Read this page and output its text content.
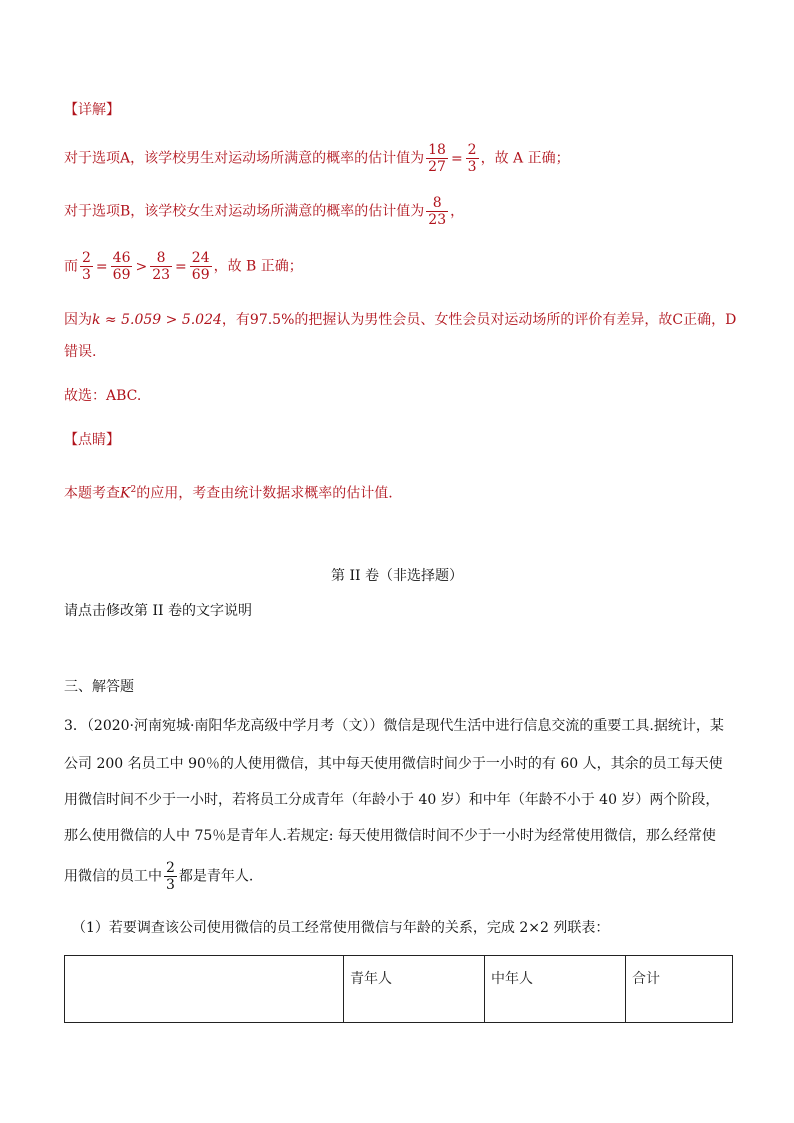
【详解】
对于选项A，该学校男生对运动场所满意的概率的估计值为 $\frac{18}{27} = \frac{2}{3}$ ，故 A 正确；
对于选项B，该学校女生对运动场所满意的概率的估计值为 $\frac{8}{23}$ ，
而 $\frac{2}{3} = \frac{46}{69} > \frac{8}{23} = \frac{24}{69}$ ，故 B 正确；
因为k ≈ 5.059 > 5.024，有97.5%的把握认为男性会员、女性会员对运动场所的评价有差异，故C正确，D
错误.
故选：ABC.
【点睛】
本题考查$K^2$的应用，考查由统计数据求概率的估计值.
第 II 卷（非选择题）
请点击修改第 II 卷的文字说明
三、解答题
3．（2020·河南宛城·南阳华龙高级中学月考（文））微信是现代生活中进行信息交流的重要工具.据统计，某
公司 200 名员工中 90％的人使用微信，其中每天使用微信时间少于一小时的有 60 人，其余的员工每天使
用微信时间不少于一小时，若将员工分成青年（年龄小于 40 岁）和中年（年龄不小于 40 岁）两个阶段，
那么使用微信的人中 75％是青年人.若规定: 每天使用微信时间不少于一小时为经常使用微信，那么经常使
用微信的员工中 $\frac{2}{3}$ 都是青年人.
（1）若要调查该公司使用微信的员工经常使用微信与年龄的关系，完成 2×2 列联表：
	青年人	中年人	合计
